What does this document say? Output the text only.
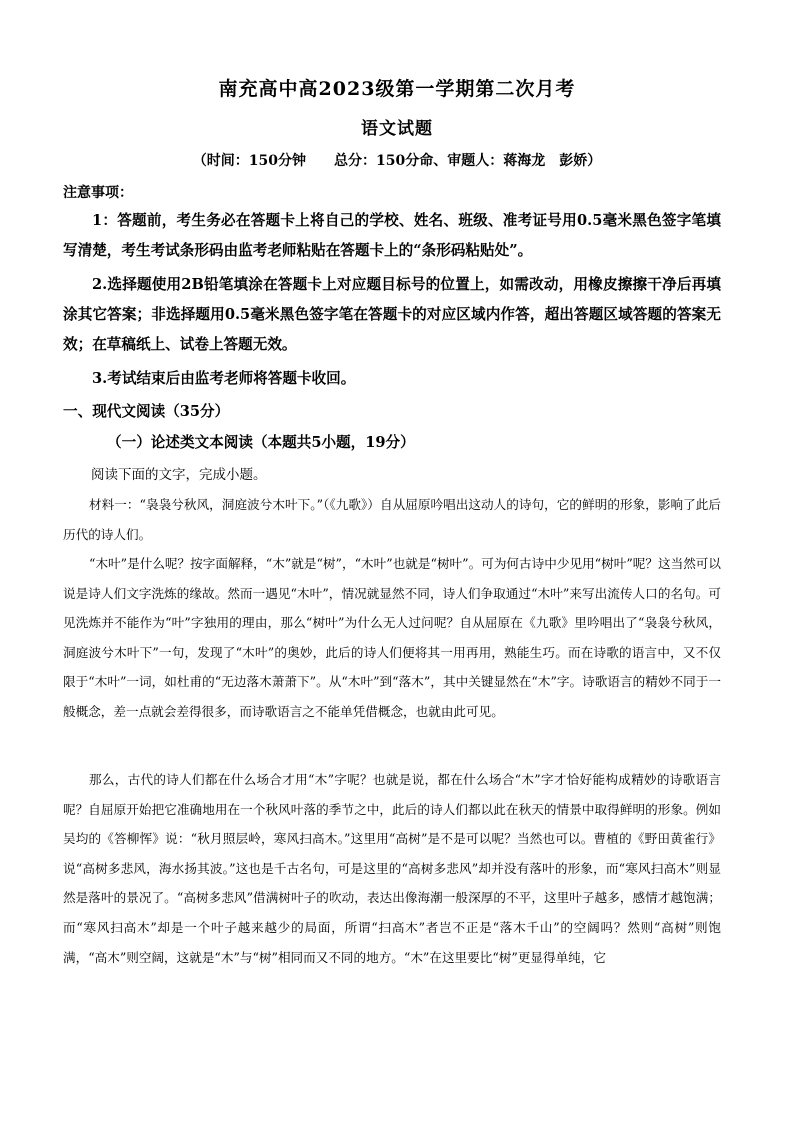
南充高中高2023级第一学期第二次月考
语文试题

（时间：150分钟　　总分：150分命、审题人：蒋海龙　彭娇）

注意事项：

1：答题前，考生务必在答题卡上将自己的学校、姓名、班级、准考证号用0.5毫米黑色签字笔填写清楚，考生考试条形码由监考老师粘贴在答题卡上的“条形码粘贴处”。

2.选择题使用2B铅笔填涂在答题卡上对应题目标号的位置上，如需改动，用橡皮擦擦干净后再填涂其它答案；非选择题用0.5毫米黑色签字笔在答题卡的对应区域内作答，超出答题区域答题的答案无效；在草稿纸上、试卷上答题无效。

3.考试结束后由监考老师将答题卡收回。

一、现代文阅读（35分）

（一）论述类文本阅读（本题共5小题，19分）

阅读下面的文字，完成小题。

材料一：“袅袅兮秋风，洞庭波兮木叶下。”（《九歌》）自从屈原吟唱出这动人的诗句，它的鲜明的形象，影响了此后历代的诗人们。

“木叶”是什么呢？按字面解释，“木”就是“树”，“木叶”也就是“树叶”。可为何古诗中少见用“树叶”呢？这当然可以说是诗人们文字洗炼的缘故。然而一遇见“木叶”，情况就显然不同，诗人们争取通过“木叶”来写出流传人口的名句。可见洗炼并不能作为“叶”字独用的理由，那么“树叶”为什么无人过问呢？自从屈原在《九歌》里吟唱出了“袅袅兮秋风，洞庭波兮木叶下”一句，发现了“木叶”的奥妙，此后的诗人们便将其一用再用，熟能生巧。而在诗歌的语言中，又不仅限于“木叶”一词，如杜甫的“无边落木萧萧下”。从“木叶”到“落木”，其中关键显然在“木”字。诗歌语言的精妙不同于一般概念，差一点就会差得很多，而诗歌语言之不能单凭借概念，也就由此可见。

那么，古代的诗人们都在什么场合才用“木”字呢？也就是说，都在什么场合“木”字才恰好能构成精妙的诗歌语言呢？自屈原开始把它准确地用在一个秋风叶落的季节之中，此后的诗人们都以此在秋天的情景中取得鲜明的形象。例如吴均的《答柳恽》说：“秋月照层岭，寒风扫高木。”这里用“高树”是不是可以呢？当然也可以。曹植的《野田黄雀行》说“高树多悲风，海水扬其波。”这也是千古名句，可是这里的“高树多悲风”却并没有落叶的形象，而“寒风扫高木”则显然是落叶的景况了。“高树多悲风”借满树叶子的吹动，表达出像海潮一般深厚的不平，这里叶子越多，感情才越饱满；而“寒风扫高木”却是一个叶子越来越少的局面，所谓“扫高木”者岂不正是“落木千山”的空阔吗？然则“高树”则饱满，“高木”则空阔，这就是“木”与“树”相同而又不同的地方。“木”在这里要比“树”更显得单纯，它
